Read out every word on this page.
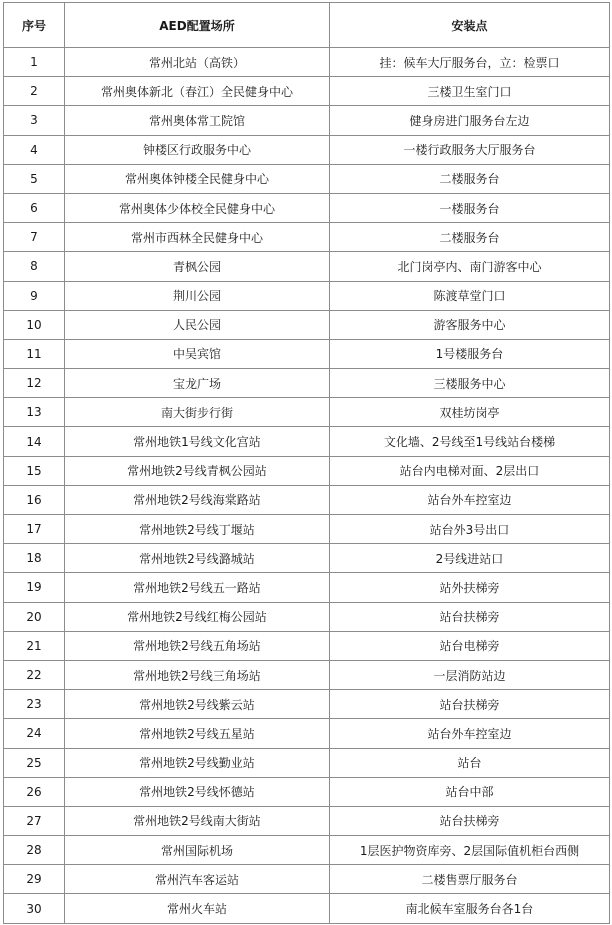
序号	AED配置场所	安装点
1	常州北站（高铁）	挂：候车大厅服务台，立：检票口
2	常州奥体新北（春江）全民健身中心	三楼卫生室门口
3	常州奥体常工院馆	健身房进门服务台左边
4	钟楼区行政服务中心	一楼行政服务大厅服务台
5	常州奥体钟楼全民健身中心	二楼服务台
6	常州奥体少体校全民健身中心	一楼服务台
7	常州市西林全民健身中心	二楼服务台
8	青枫公园	北门岗亭内、南门游客中心
9	荆川公园	陈渡草堂门口
10	人民公园	游客服务中心
11	中吴宾馆	1号楼服务台
12	宝龙广场	三楼服务中心
13	南大街步行街	双桂坊岗亭
14	常州地铁1号线文化宫站	文化墙、2号线至1号线站台楼梯
15	常州地铁2号线青枫公园站	站台内电梯对面、2层出口
16	常州地铁2号线海棠路站	站台外车控室边
17	常州地铁2号线丁堰站	站台外3号出口
18	常州地铁2号线潞城站	2号线进站口
19	常州地铁2号线五一路站	站外扶梯旁
20	常州地铁2号线红梅公园站	站台扶梯旁
21	常州地铁2号线五角场站	站台电梯旁
22	常州地铁2号线三角场站	一层消防站边
23	常州地铁2号线紫云站	站台扶梯旁
24	常州地铁2号线五星站	站台外车控室边
25	常州地铁2号线勤业站	站台
26	常州地铁2号线怀德站	站台中部
27	常州地铁2号线南大街站	站台扶梯旁
28	常州国际机场	1层医护物资库旁、2层国际值机柜台西侧
29	常州汽车客运站	二楼售票厅服务台
30	常州火车站	南北候车室服务台各1台
